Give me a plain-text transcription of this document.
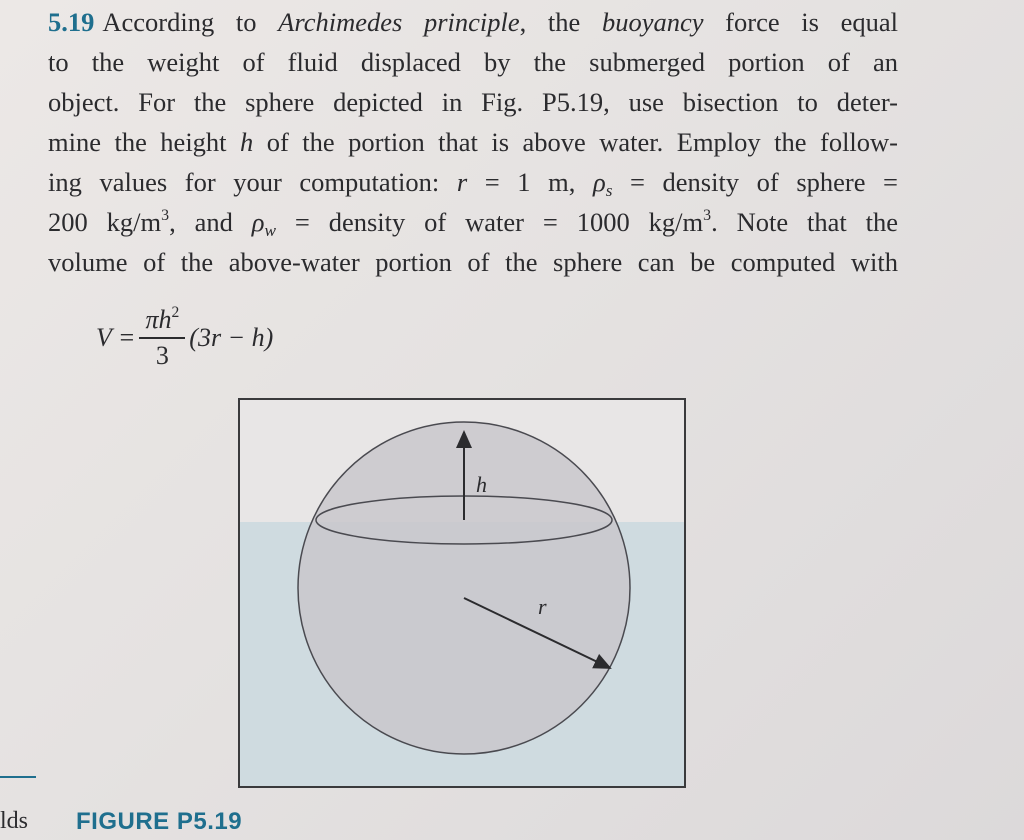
5.19 According to Archimedes principle, the buoyancy force is equal
to the weight of fluid displaced by the submerged portion of an
object. For the sphere depicted in Fig. P5.19, use bisection to deter-
mine the height h of the portion that is above water. Employ the follow-
ing values for your computation: r = 1 m, $\rho_s$ = density of sphere =
200 $kg/m^3$, and $\rho_w$ = density of water = 1000 $kg/m^3$. Note that the
volume of the above-water portion of the sphere can be computed with
$V = \frac{\pi h^2}{3} (3r - h)$
h
r
lds FIGURE P5.19
